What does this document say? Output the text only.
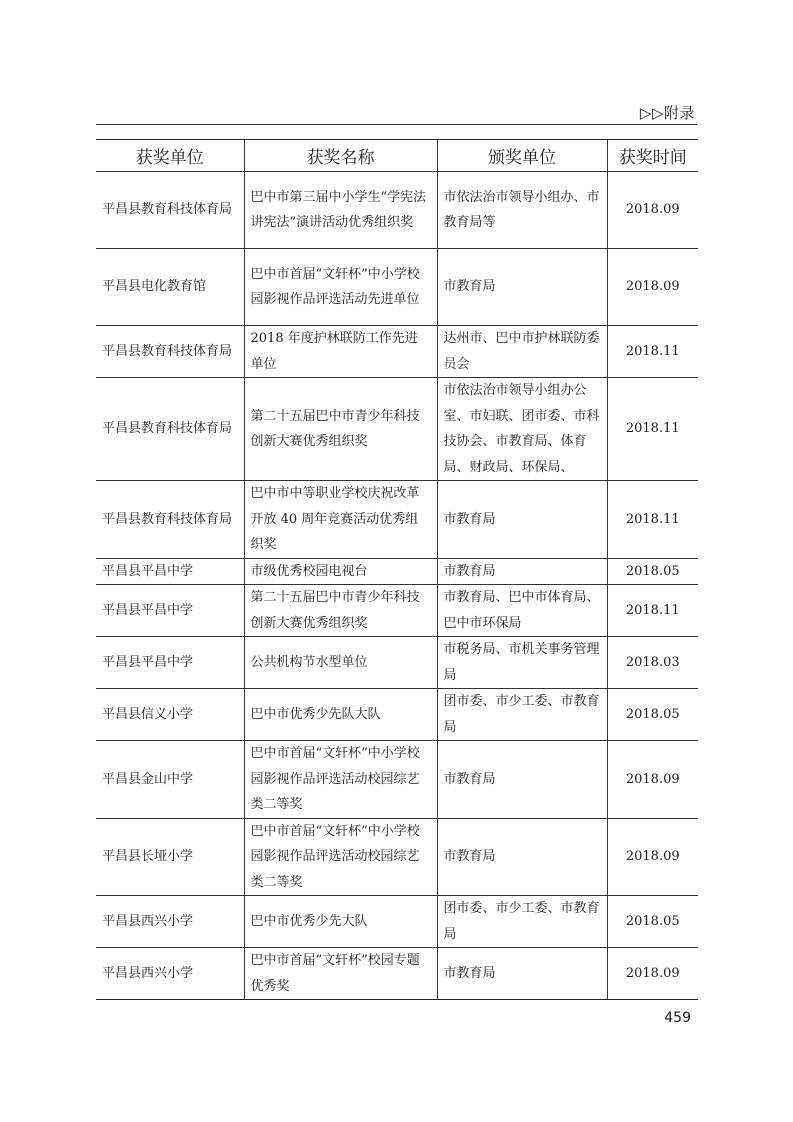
▷▷附录
获奖单位	获奖名称	颁奖单位	获奖时间
平昌县教育科技体育局	巴中市第三届中小学生“学宪法讲宪法”演讲活动优秀组织奖	市依法治市领导小组办、市教育局等	2018.09
平昌县电化教育馆	巴中市首届“文轩杯”中小学校园影视作品评选活动先进单位	市教育局	2018.09
平昌县教育科技体育局	2018 年度护林联防工作先进单位	达州市、巴中市护林联防委员会	2018.11
平昌县教育科技体育局	第二十五届巴中市青少年科技创新大赛优秀组织奖	市依法治市领导小组办公室、市妇联、团市委、市科技协会、市教育局、体育局、财政局、环保局、	2018.11
平昌县教育科技体育局	巴中市中等职业学校庆祝改革开放 40 周年竞赛活动优秀组织奖	市教育局	2018.11
平昌县平昌中学	市级优秀校园电视台	市教育局	2018.05
平昌县平昌中学	第二十五届巴中市青少年科技创新大赛优秀组织奖	市教育局、巴中市体育局、巴中市环保局	2018.11
平昌县平昌中学	公共机构节水型单位	市税务局、市机关事务管理局	2018.03
平昌县信义小学	巴中市优秀少先队大队	团市委、市少工委、市教育局	2018.05
平昌县金山中学	巴中市首届“文轩杯”中小学校园影视作品评选活动校园综艺类二等奖	市教育局	2018.09
平昌县长垭小学	巴中市首届“文轩杯”中小学校园影视作品评选活动校园综艺类二等奖	市教育局	2018.09
平昌县西兴小学	巴中市优秀少先大队	团市委、市少工委、市教育局	2018.05
平昌县西兴小学	巴中市首届“文轩杯”校园专题优秀奖	市教育局	2018.09
459
